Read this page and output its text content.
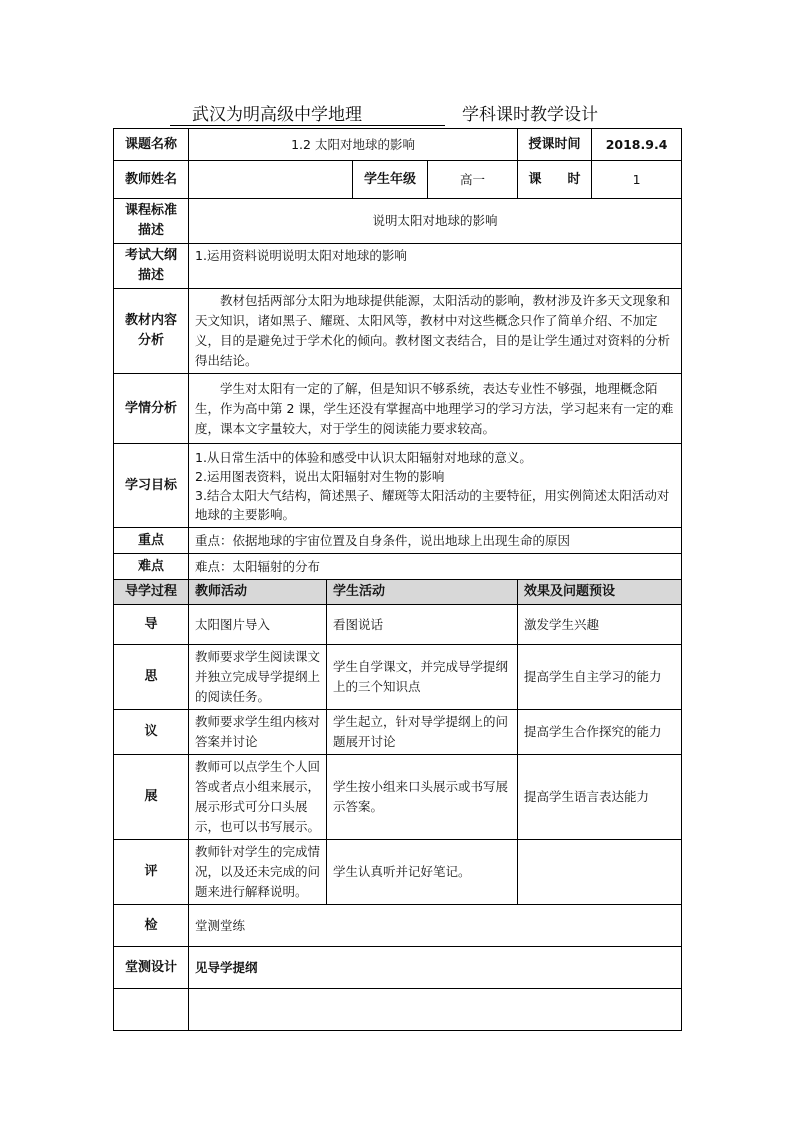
武汉为明高级中学地理	学科课时教学设计
课题名称	1.2 太阳对地球的影响				授课时间	2018.9.4
教师姓名			学生年级	高一	课　　时	1
课程标准描述	说明太阳对地球的影响					
考试大纲描述	1.运用资料说明说明太阳对地球的影响					
教材内容分析	教材包括两部分太阳为地球提供能源，太阳活动的影响，教材涉及许多天文现象和天文知识，诸如黑子、耀斑、太阳风等，教材中对这些概念只作了简单介绍、不加定义，目的是避免过于学术化的倾向。教材图文表结合，目的是让学生通过对资料的分析得出结论。					
学情分析	学生对太阳有一定的了解，但是知识不够系统，表达专业性不够强，地理概念陌生，作为高中第 2 课，学生还没有掌握高中地理学习的学习方法，学习起来有一定的难度，课本文字量较大，对于学生的阅读能力要求较高。					
学习目标	1.从日常生活中的体验和感受中认识太阳辐射对地球的意义。
2.运用图表资料，说出太阳辐射对生物的影响
3.结合太阳大气结构，简述黑子、耀斑等太阳活动的主要特征，用实例简述太阳活动对地球的主要影响。					

重点	重点：依据地球的宇宙位置及自身条件，说出地球上出现生命的原因					
难点	难点：太阳辐射的分布					
导学过程	教师活动	学生活动			效果及问题预设	
导	太阳图片导入	看图说话			激发学生兴趣	
思	教师要求学生阅读课文并独立完成导学提纲上的阅读任务。	学生自学课文，并完成导学提纲上的三个知识点			提高学生自主学习的能力	
议	教师要求学生组内核对答案并讨论	学生起立，针对导学提纲上的问题展开讨论			提高学生合作探究的能力	
展	教师可以点学生个人回答或者点小组来展示，展示形式可分口头展示，也可以书写展示。	学生按小组来口头展示或书写展示答案。			提高学生语言表达能力	
评	教师针对学生的完成情况，以及还未完成的问题来进行解释说明。	学生认真听并记好笔记。				
检	堂测堂练					
堂测设计	见导学提纲					
